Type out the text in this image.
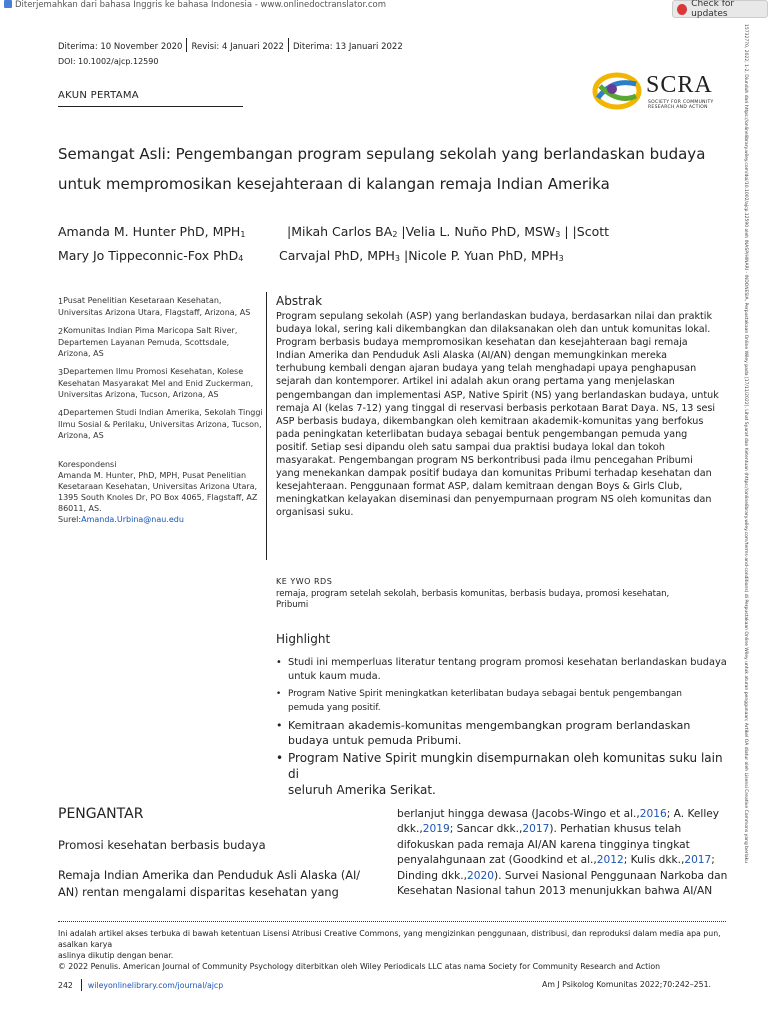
Diterjemahkan dari bahasa Inggris ke bahasa Indonesia - www.onlinedoctranslator.com	Check for updates
15732770, 2022, 1-2, Diunduh dari https://onlinelibrary.wiley.com/doi/10.1002/ajcp.12590 oleh INASP/HINARI - INDONESIA, Perpustakaan Online Wiley pada [17/11/2022]. Lihat Syarat dan Ketentuan (https://onlinelibrary.wiley.com/terms-and-conditions) di Perpustakaan Online Wiley untuk aturan penggunaan; Artikel OA diatur oleh Lisensi Creative Commons yang berlaku
Diterima: 10 November 2020 Revisi: 4 Januari 2022 Diterima: 13 Januari 2022
DOI: 10.1002/ajcp.12590
AKUN PERTAMA	SCRA
SOCIETY FOR COMMUNITY
RESEARCH AND ACTION
Semangat Asli: Pengembangan program sepulang sekolah yang berlandaskan budaya
untuk mempromosikan kesejahteraan di kalangan remaja Indian Amerika
Amanda M. Hunter PhD, MPH1	|Mikah Carlos BA2 |Velia L. Nuño PhD, MSW3 | |Scott
Mary Jo Tippeconnic-Fox PhD4	Carvajal PhD, MPH3 |Nicole P. Yuan PhD, MPH3
1Pusat Penelitian Kesetaraan Kesehatan,
Universitas Arizona Utara, Flagstaff, Arizona, AS
2Komunitas Indian Pima Maricopa Salt River,
Departemen Layanan Pemuda, Scottsdale,
Arizona, AS
3Departemen Ilmu Promosi Kesehatan, Kolese
Kesehatan Masyarakat Mel and Enid Zuckerman,
Universitas Arizona, Tucson, Arizona, AS
4Departemen Studi Indian Amerika, Sekolah Tinggi
Ilmu Sosial & Perilaku, Universitas Arizona, Tucson,
Arizona, AS
Korespondensi
Amanda M. Hunter, PhD, MPH, Pusat Penelitian
Kesetaraan Kesehatan, Universitas Arizona Utara,
1395 South Knoles Dr, PO Box 4065, Flagstaff, AZ
86011, AS.
Surel:Amanda.Urbina@nau.edu
Abstrak

Program sepulang sekolah (ASP) yang berlandaskan budaya, berdasarkan nilai dan praktik
budaya lokal, sering kali dikembangkan dan dilaksanakan oleh dan untuk komunitas lokal.
Program berbasis budaya mempromosikan kesehatan dan kesejahteraan bagi remaja
Indian Amerika dan Penduduk Asli Alaska (AI/AN) dengan memungkinkan mereka
terhubung kembali dengan ajaran budaya yang telah menghadapi upaya penghapusan
sejarah dan kontemporer. Artikel ini adalah akun orang pertama yang menjelaskan
pengembangan dan implementasi ASP, Native Spirit (NS) yang berlandaskan budaya, untuk
remaja AI (kelas 7-12) yang tinggal di reservasi berbasis perkotaan Barat Daya. NS, 13 sesi
ASP berbasis budaya, dikembangkan oleh kemitraan akademik-komunitas yang berfokus
pada peningkatan keterlibatan budaya sebagai bentuk pengembangan pemuda yang
positif. Setiap sesi dipandu oleh satu sampai dua praktisi budaya lokal dan tokoh
masyarakat. Pengembangan program NS berkontribusi pada ilmu pencegahan Pribumi
yang menekankan dampak positif budaya dan komunitas Pribumi terhadap kesehatan dan
kesejahteraan. Penggunaan format ASP, dalam kemitraan dengan Boys & Girls Club,
meningkatkan kelayakan diseminasi dan penyempurnaan program NS oleh komunitas dan
organisasi suku.

KE YWO RDS
remaja, program setelah sekolah, berbasis komunitas, berbasis budaya, promosi kesehatan,
Pribumi
Highlight
• Studi ini memperluas literatur tentang program promosi kesehatan berlandaskan budaya
untuk kaum muda.
• Program Native Spirit meningkatkan keterlibatan budaya sebagai bentuk pengembangan
pemuda yang positif.
• Kemitraan akademis-komunitas mengembangkan program berlandaskan
budaya untuk pemuda Pribumi.
• Program Native Spirit mungkin disempurnakan oleh komunitas suku lain di
seluruh Amerika Serikat.
PENGANTAR
Promosi kesehatan berbasis budaya
Remaja Indian Amerika dan Penduduk Asli Alaska (AI/
AN) rentan mengalami disparitas kesehatan yang
berlanjut hingga dewasa (Jacobs-Wingo et al.,2016; A. Kelley
dkk.,2019; Sancar dkk.,2017). Perhatian khusus telah
difokuskan pada remaja AI/AN karena tingginya tingkat
penyalahgunaan zat (Goodkind et al.,2012; Kulis dkk.,2017;
Dinding dkk.,2020). Survei Nasional Penggunaan Narkoba dan
Kesehatan Nasional tahun 2013 menunjukkan bahwa AI/AN
Ini adalah artikel akses terbuka di bawah ketentuan Lisensi Atribusi Creative Commons, yang mengizinkan penggunaan, distribusi, dan reproduksi dalam media apa pun, asalkan karya
aslinya dikutip dengan benar.
© 2022 Penulis. American Journal of Community Psychology diterbitkan oleh Wiley Periodicals LLC atas nama Society for Community Research and Action
242 wileyonlinelibrary.com/journal/ajcp	Am J Psikolog Komunitas 2022;70:242–251.
